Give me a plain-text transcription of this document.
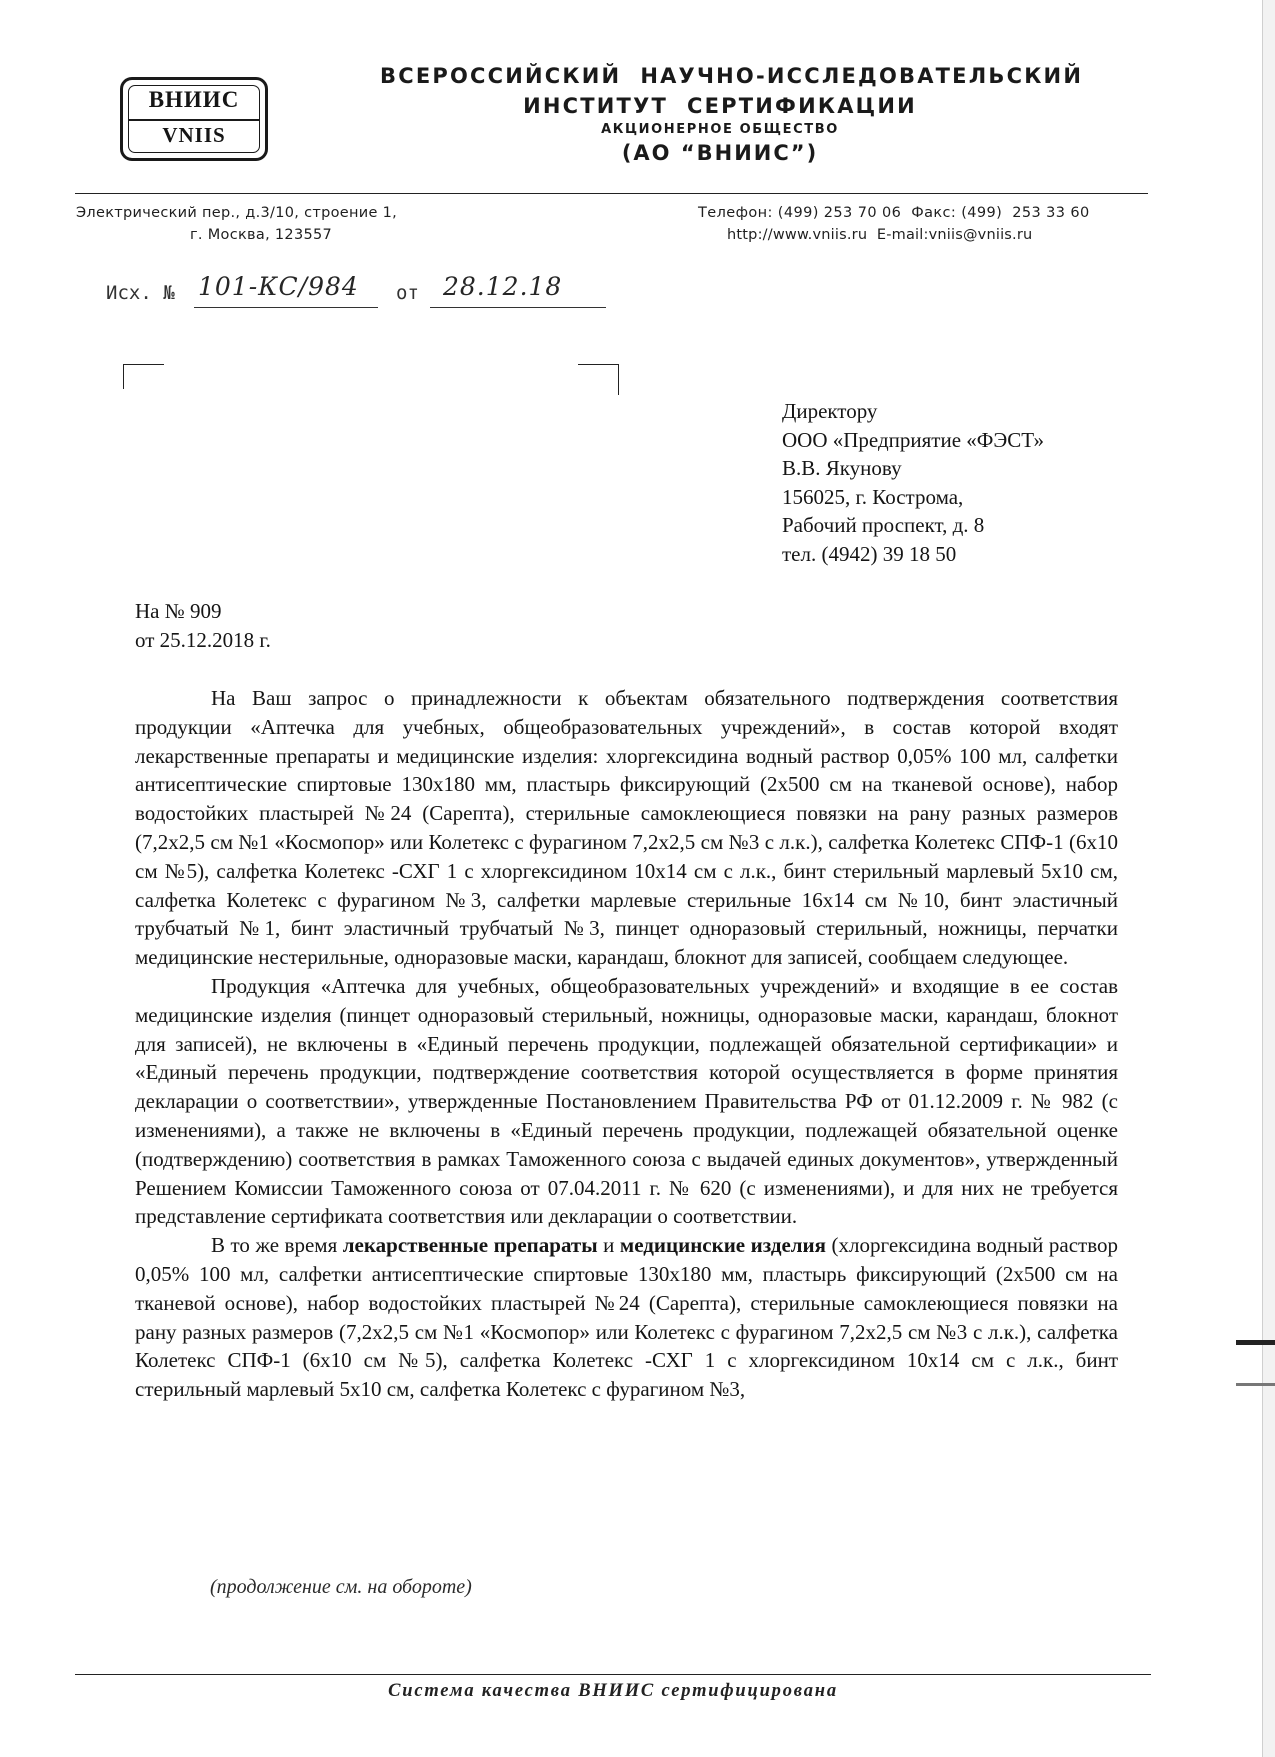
ВНИИС
VNIIS
ВСЕРОССИЙСКИЙ  НАУЧНО-ИССЛЕДОВАТЕЛЬСКИЙ
ИНСТИТУТ  СЕРТИФИКАЦИИ
АКЦИОНЕРНОЕ ОБЩЕСТВО
(АО “ВНИИС”)
Электрический пер., д.3/10, строение 1,
г. Москва, 123557
Телефон: (499) 253 70 06  Факс: (499)  253 33 60
http://www.vniis.ru  E-mail:vniis@vniis.ru
Исх. № 101-КС/984 от 28.12.18
Директору
ООО «Предприятие «ФЭСТ»
В.В. Якунову
156025, г. Кострома,
Рабочий проспект, д. 8
тел. (4942) 39 18 50
На № 909
от 25.12.2018 г.

На Ваш запрос о принадлежности к объектам обязательного подтверждения соответствия продукции «Аптечка для учебных, общеобразовательных учреждений», в состав которой входят лекарственные препараты и медицинские изделия: хлоргексидина водный раствор 0,05% 100 мл, салфетки антисептические спиртовые 130х180 мм, пластырь фиксирующий (2х500 см на тканевой основе), набор водостойких пластырей №24 (Сарепта), стерильные самоклеющиеся повязки на рану разных размеров (7,2х2,5 см №1 «Космопор» или Колетекс с фурагином 7,2х2,5 см №3 с л.к.), салфетка Колетекс СПФ-1 (6х10 см №5), салфетка Колетекс -СХГ 1 с хлоргексидином 10х14 см с л.к., бинт стерильный марлевый 5х10 см, салфетка Колетекс с фурагином №3, салфетки марлевые стерильные 16х14 см №10, бинт эластичный трубчатый №1, бинт эластичный трубчатый №3, пинцет одноразовый стерильный, ножницы, перчатки медицинские нестерильные, одноразовые маски, карандаш, блокнот для записей, сообщаем следующее.

Продукция «Аптечка для учебных, общеобразовательных учреждений» и входящие в ее состав медицинские изделия (пинцет одноразовый стерильный, ножницы, одноразовые маски, карандаш, блокнот для записей), не включены в «Единый перечень продукции, подлежащей обязательной сертификации» и «Единый перечень продукции, подтверждение соответствия которой осуществляется в форме принятия декларации о соответствии», утвержденные Постановлением Правительства РФ от 01.12.2009 г. № 982 (с изменениями), а также не включены в «Единый перечень продукции, подлежащей обязательной оценке (подтверждению) соответствия в рамках Таможенного союза с выдачей единых документов», утвержденный Решением Комиссии Таможенного союза от 07.04.2011 г. № 620 (с изменениями), и для них не требуется представление сертификата соответствия или декларации о соответствии.

В то же время лекарственные препараты и медицинские изделия (хлоргексидина водный раствор 0,05% 100 мл, салфетки антисептические спиртовые 130х180 мм, пластырь фиксирующий (2х500 см на тканевой основе), набор водостойких пластырей №24 (Сарепта), стерильные самоклеющиеся повязки на рану разных размеров (7,2х2,5 см №1 «Космопор» или Колетекс с фурагином 7,2х2,5 см №3 с л.к.), салфетка Колетекс СПФ-1 (6х10 см №5), салфетка Колетекс -СХГ 1 с хлоргексидином 10х14 см с л.к., бинт стерильный марлевый 5х10 см, салфетка Колетекс с фурагином №3,

(продолжение см. на обороте)
Система качества ВНИИС сертифицирована
